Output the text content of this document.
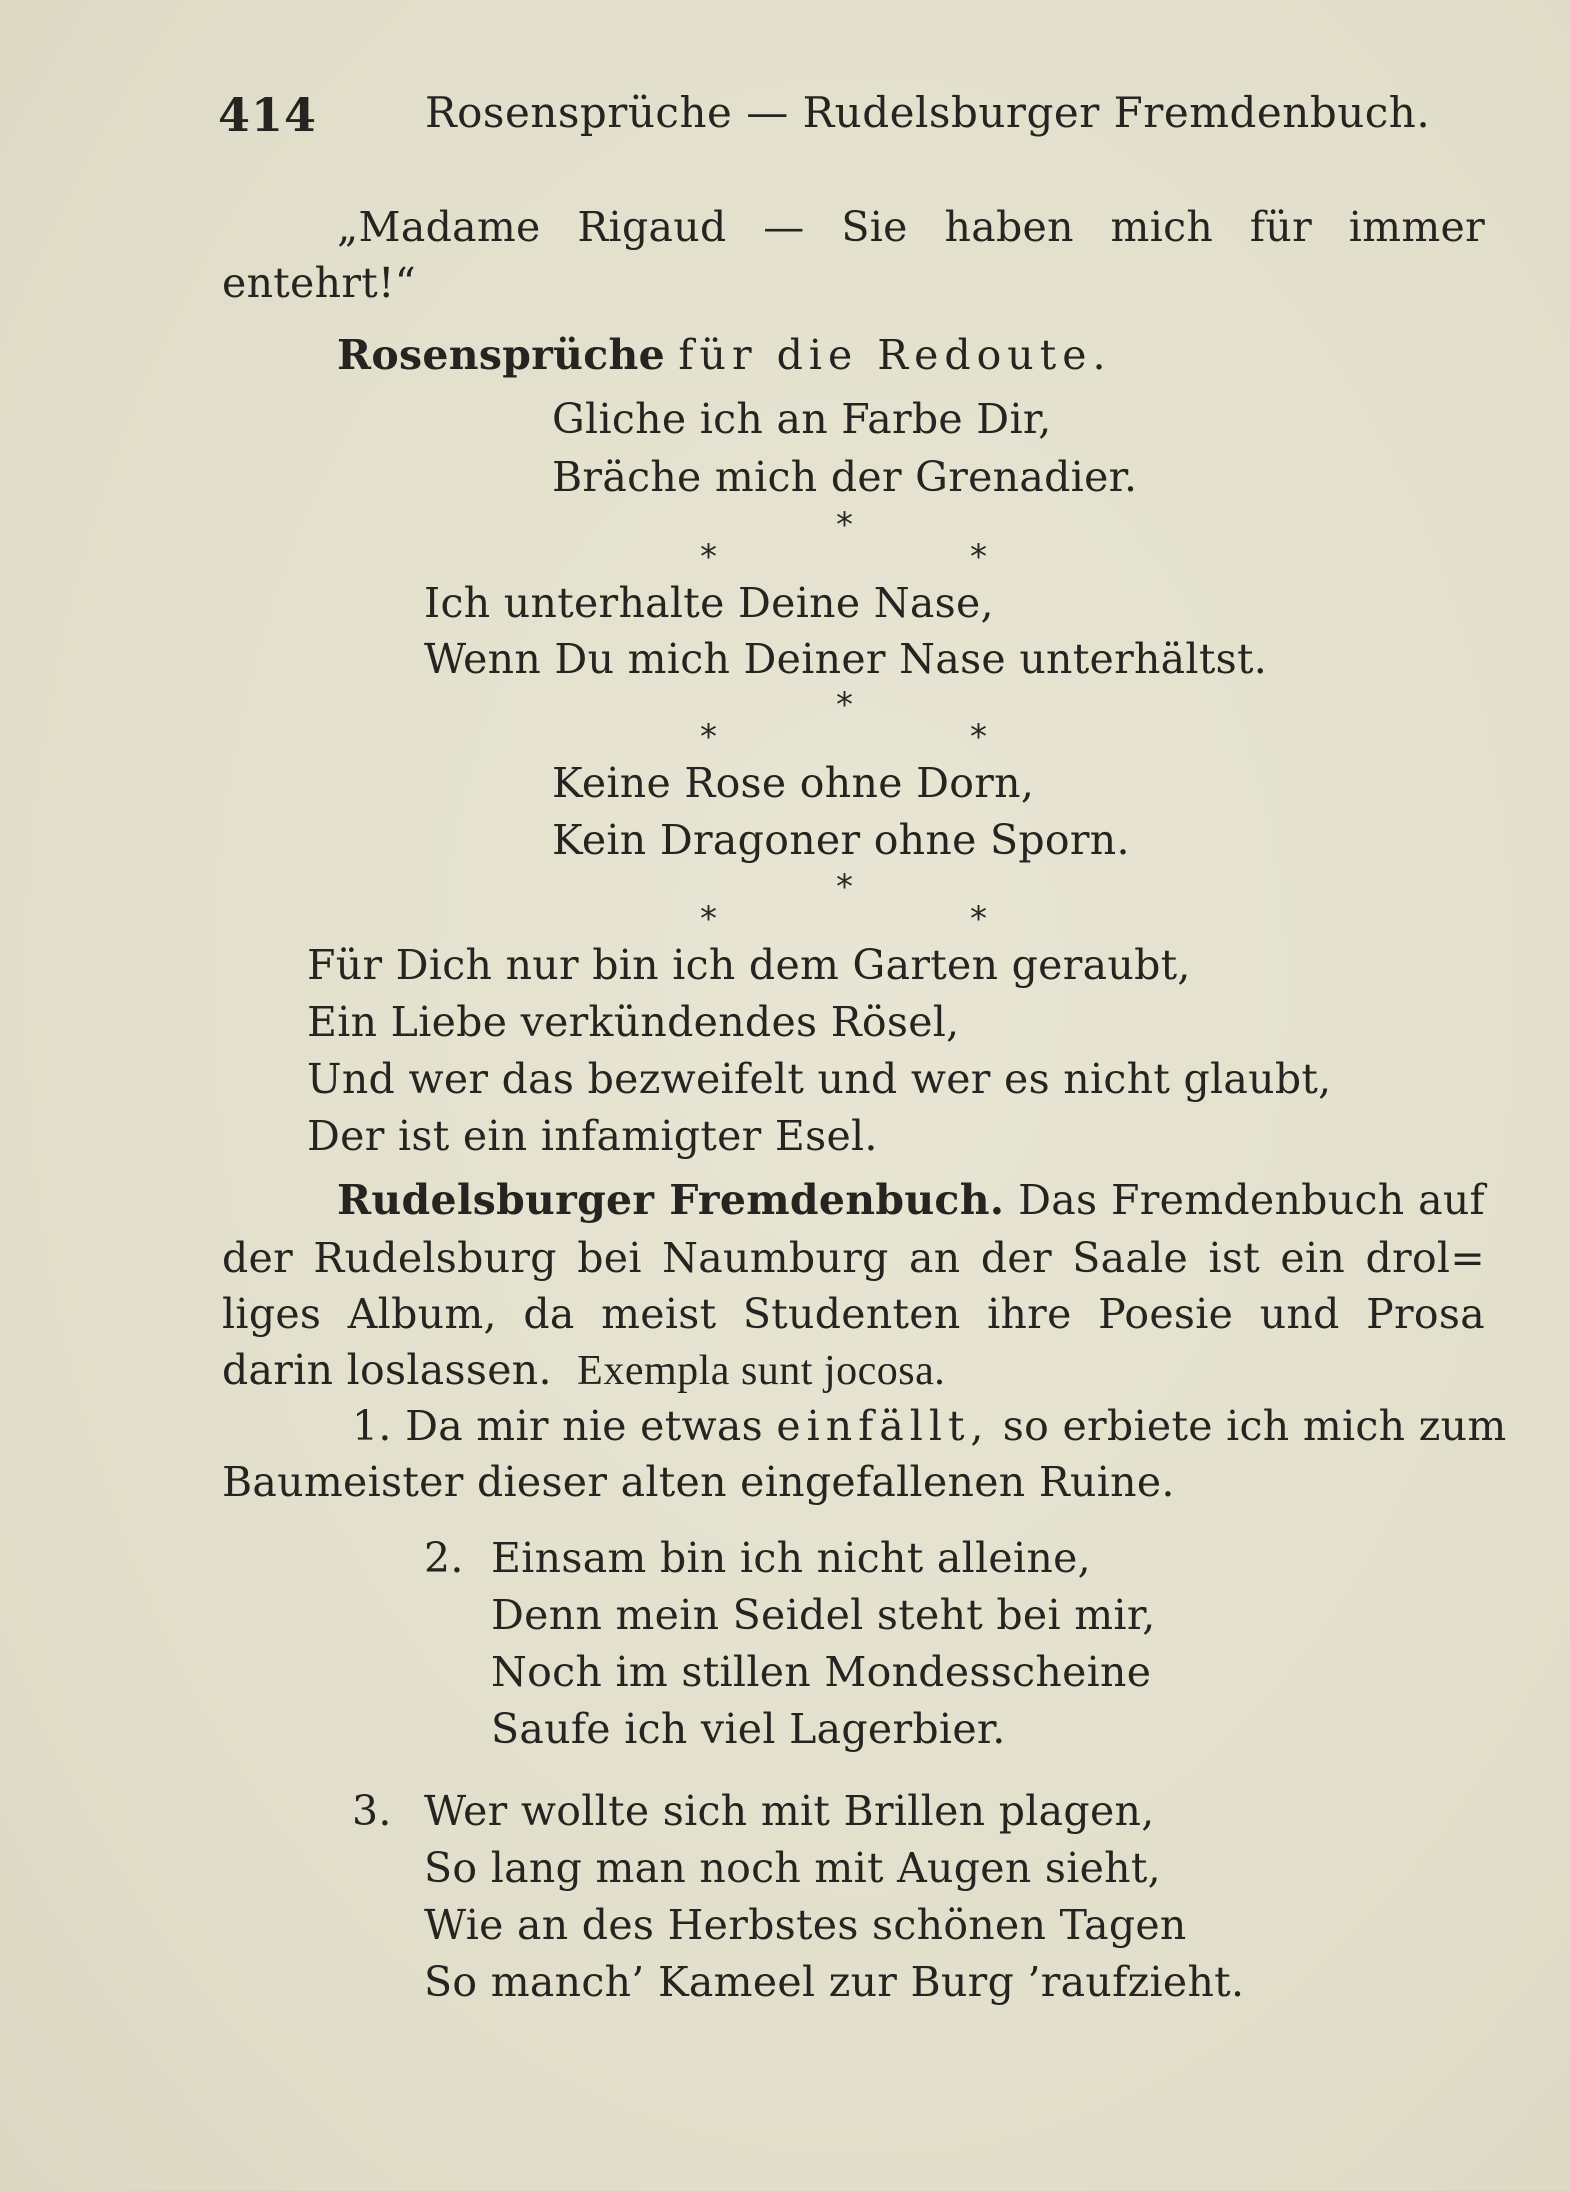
414	Rosensprüche — Rudelsburger Fremdenbuch.
„Madame Rigaud — Sie haben mich für immer
entehrt!“
Rosensprüche für die Redoute.
Gliche ich an Farbe Dir,
Bräche mich der Grenadier.
*
*	*
Ich unterhalte Deine Nase,
Wenn Du mich Deiner Nase unterhältst.
*
*	*
Keine Rose ohne Dorn,
Kein Dragoner ohne Sporn.
*
*	*
Für Dich nur bin ich dem Garten geraubt,
Ein Liebe verkündendes Rösel,
Und wer das bezweifelt und wer es nicht glaubt,
Der ist ein infamigter Esel.
Rudelsburger Fremdenbuch. Das Fremdenbuch auf
der Rudelsburg bei Naumburg an der Saale ist ein drol=
liges Album, da meist Studenten ihre Poesie und Prosa
darin loslassen. Exempla sunt jocosa.
1. Da mir nie etwas einfällt, so erbiete ich mich zum
Baumeister dieser alten eingefallenen Ruine.
2. Einsam bin ich nicht alleine,
Denn mein Seidel steht bei mir,
Noch im stillen Mondesscheine
Saufe ich viel Lagerbier.
3. Wer wollte sich mit Brillen plagen,
So lang man noch mit Augen sieht,
Wie an des Herbstes schönen Tagen
So manch’ Kameel zur Burg ’raufzieht.
